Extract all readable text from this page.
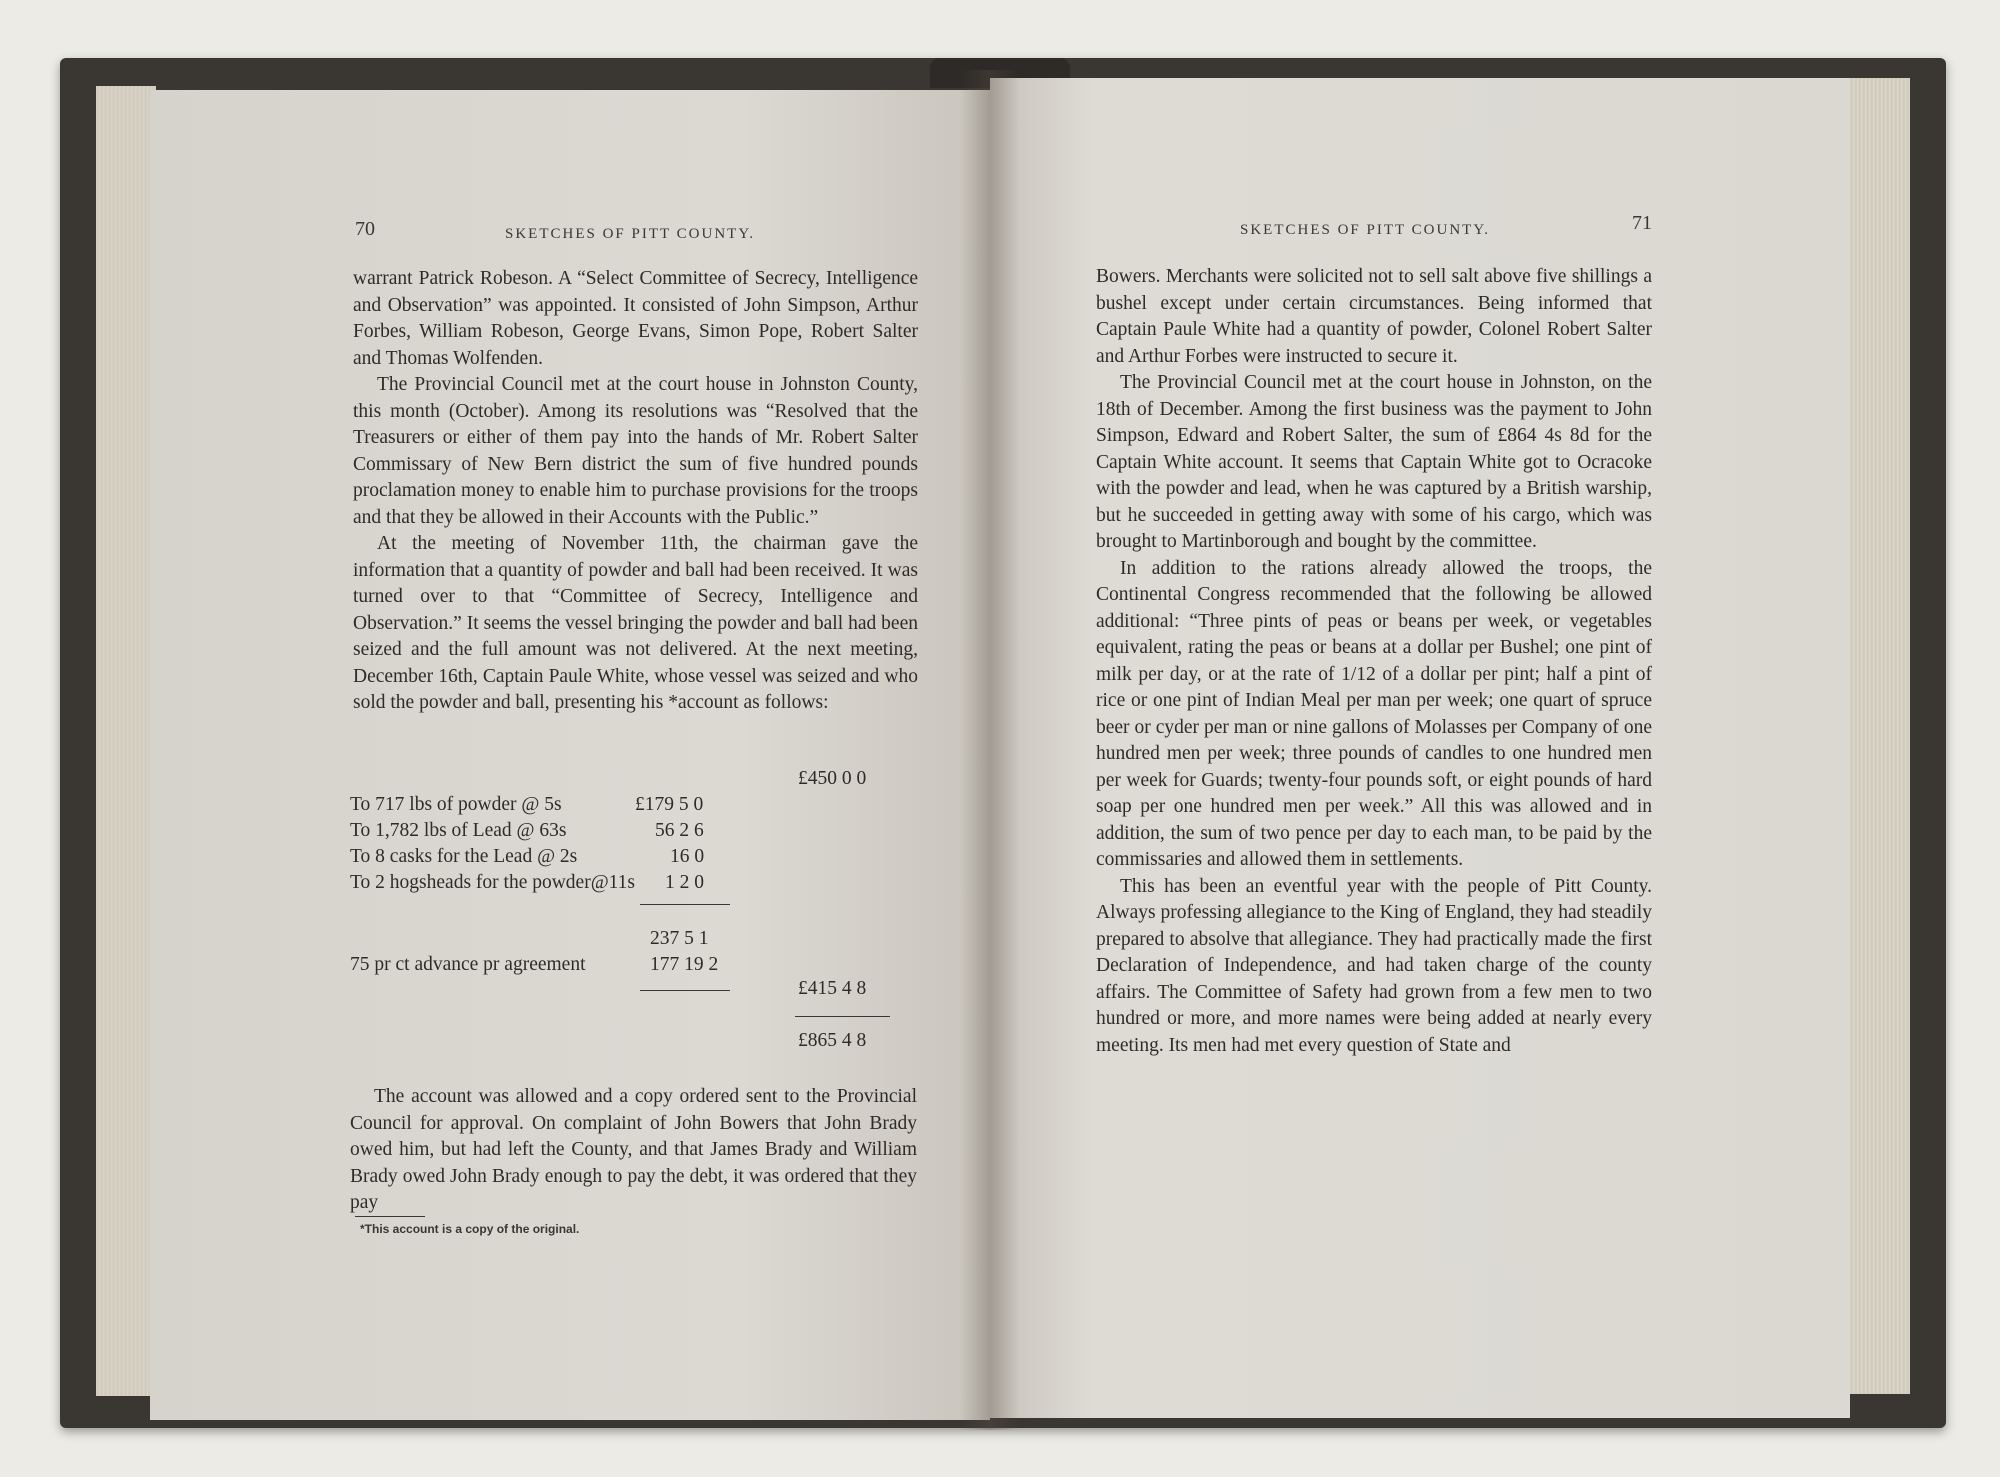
70	SKETCHES OF PITT COUNTY.

warrant Patrick Robeson. A “Select Committee of Secrecy, Intelligence and Observation” was appointed. It consisted of John Simpson, Arthur Forbes, William Robeson, George Evans, Simon Pope, Robert Salter and Thomas Wolfenden.

The Provincial Council met at the court house in Johnston County, this month (October). Among its resolutions was “Resolved that the Treasurers or either of them pay into the hands of Mr. Robert Salter Commissary of New Bern district the sum of five hundred pounds proclamation money to enable him to purchase provisions for the troops and that they be allowed in their Accounts with the Public.”

At the meeting of November 11th, the chairman gave the information that a quantity of powder and ball had been received. It was turned over to that “Committee of Secrecy, Intelligence and Observation.” It seems the vessel bringing the powder and ball had been seized and the full amount was not delivered. At the next meeting, December 16th, Captain Paule White, whose vessel was seized and who sold the powder and ball, presenting his *account as follows:

£450 0 0
To 717 lbs of powder @ 5s	£179 5 0
To 1,782 lbs of Lead @ 63s	56 2 6
To 8 casks for the Lead @ 2s	16 0
To 2 hogsheads for the powder@11s 1 2 0
237 5 1
75 pr ct advance pr agreement	177 19 2
£415 4 8
£865 4 8

The account was allowed and a copy ordered sent to the Provincial Council for approval. On complaint of John Bowers that John Brady owed him, but had left the County, and that James Brady and William Brady owed John Brady enough to pay the debt, it was ordered that they pay

*This account is a copy of the original.
SKETCHES OF PITT COUNTY.	71

Bowers. Merchants were solicited not to sell salt above five shillings a bushel except under certain circumstances. Being informed that Captain Paule White had a quantity of powder, Colonel Robert Salter and Arthur Forbes were instructed to secure it.

The Provincial Council met at the court house in Johnston, on the 18th of December. Among the first business was the payment to John Simpson, Edward and Robert Salter, the sum of £864 4s 8d for the Captain White account. It seems that Captain White got to Ocracoke with the powder and lead, when he was captured by a British warship, but he succeeded in getting away with some of his cargo, which was brought to Martinborough and bought by the committee.

In addition to the rations already allowed the troops, the Continental Congress recommended that the following be allowed additional: “Three pints of peas or beans per week, or vegetables equivalent, rating the peas or beans at a dollar per Bushel; one pint of milk per day, or at the rate of 1/12 of a dollar per pint; half a pint of rice or one pint of Indian Meal per man per week; one quart of spruce beer or cyder per man or nine gallons of Molasses per Company of one hundred men per week; three pounds of candles to one hundred men per week for Guards; twenty-four pounds soft, or eight pounds of hard soap per one hundred men per week.” All this was allowed and in addition, the sum of two pence per day to each man, to be paid by the commissaries and allowed them in settlements.

This has been an eventful year with the people of Pitt County. Always professing allegiance to the King of England, they had steadily prepared to absolve that allegiance. They had practically made the first Declaration of Independence, and had taken charge of the county affairs. The Committee of Safety had grown from a few men to two hundred or more, and more names were being added at nearly every meeting. Its men had met every question of State and
